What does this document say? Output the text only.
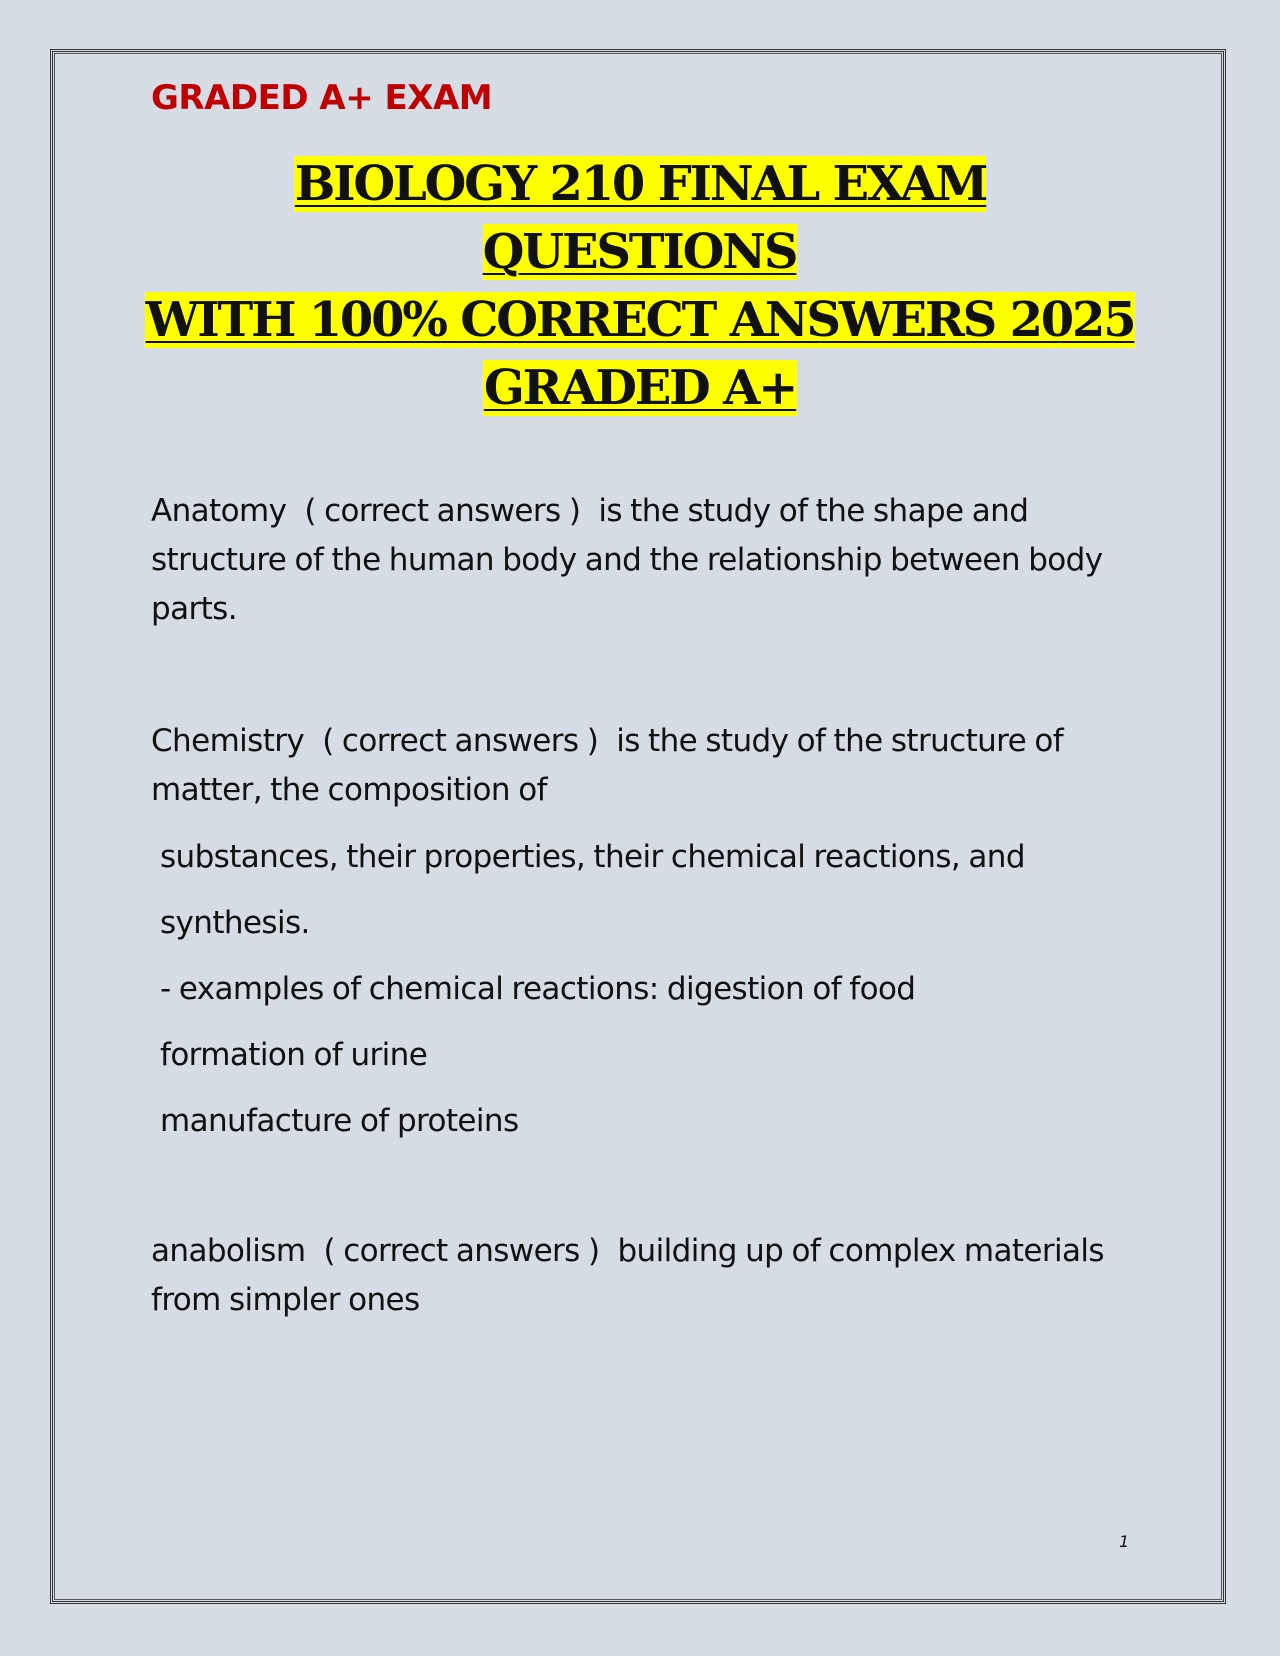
GRADED A+ EXAM
BIOLOGY 210 FINAL EXAM QUESTIONS
WITH 100% CORRECT ANSWERS 2025
GRADED A+

Anatomy ( correct answers ) is the study of the shape and structure of the human body and the relationship between body parts.

Chemistry ( correct answers ) is the study of the structure of matter, the composition of

substances, their properties, their chemical reactions, and

synthesis.

- examples of chemical reactions: digestion of food

formation of urine

manufacture of proteins

anabolism ( correct answers ) building up of complex materials from simpler ones

1
